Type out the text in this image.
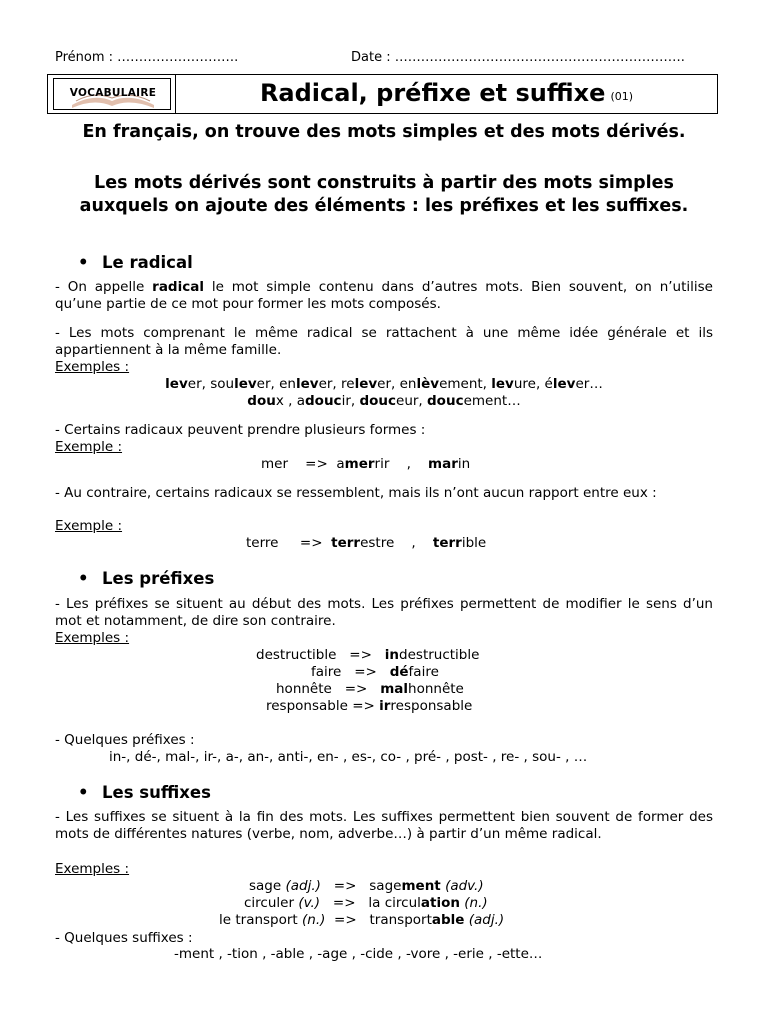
Prénom : ……………………….	Date : ………………………………………………………….
VOCABULAIRE	Radical, préfixe et suffixe (01)
En français, on trouve des mots simples et des mots dérivés.
Les mots dérivés sont construits à partir des mots simples auxquels on ajoute des éléments : les préfixes et les suffixes.
• Le radical
- On appelle radical le mot simple contenu dans d’autres mots. Bien souvent, on n’utilise qu’une partie de ce mot pour former les mots composés.
- Les mots comprenant le même radical se rattachent à une même idée générale et ils appartiennent à la même famille.
Exemples :
lever, soulever, enlever, relever, enlèvement, levure, élever…
doux , adoucir, douceur, doucement…
- Certains radicaux peuvent prendre plusieurs formes :
Exemple :
mer    =>  amerrir    ,    marin
- Au contraire, certains radicaux se ressemblent, mais ils n’ont aucun rapport entre eux :
Exemple :
terre     =>  terrestre    ,    terrible
• Les préfixes
- Les préfixes se situent au début des mots. Les préfixes permettent de modifier le sens d’un mot et notamment, de dire son contraire.
Exemples :
destructible   =>   indestructible
faire   =>   défaire
honnête   =>   malhonnête
responsable => irresponsable
- Quelques préfixes :
in-, dé-, mal-, ir-, a-, an-, anti-, en- , es-, co- , pré- , post- , re- , sou- , …
• Les suffixes
- Les suffixes se situent à la fin des mots. Les suffixes permettent bien souvent de former des mots de différentes natures (verbe, nom, adverbe…) à partir d’un même radical.
Exemples :
sage (adj.)   =>   sagement (adv.)
circuler (v.)   =>   la circulation (n.)
le transport (n.)  =>   transportable (adj.)
- Quelques suffixes :
-ment , -tion , -able , -age , -cide , -vore , -erie , -ette…
